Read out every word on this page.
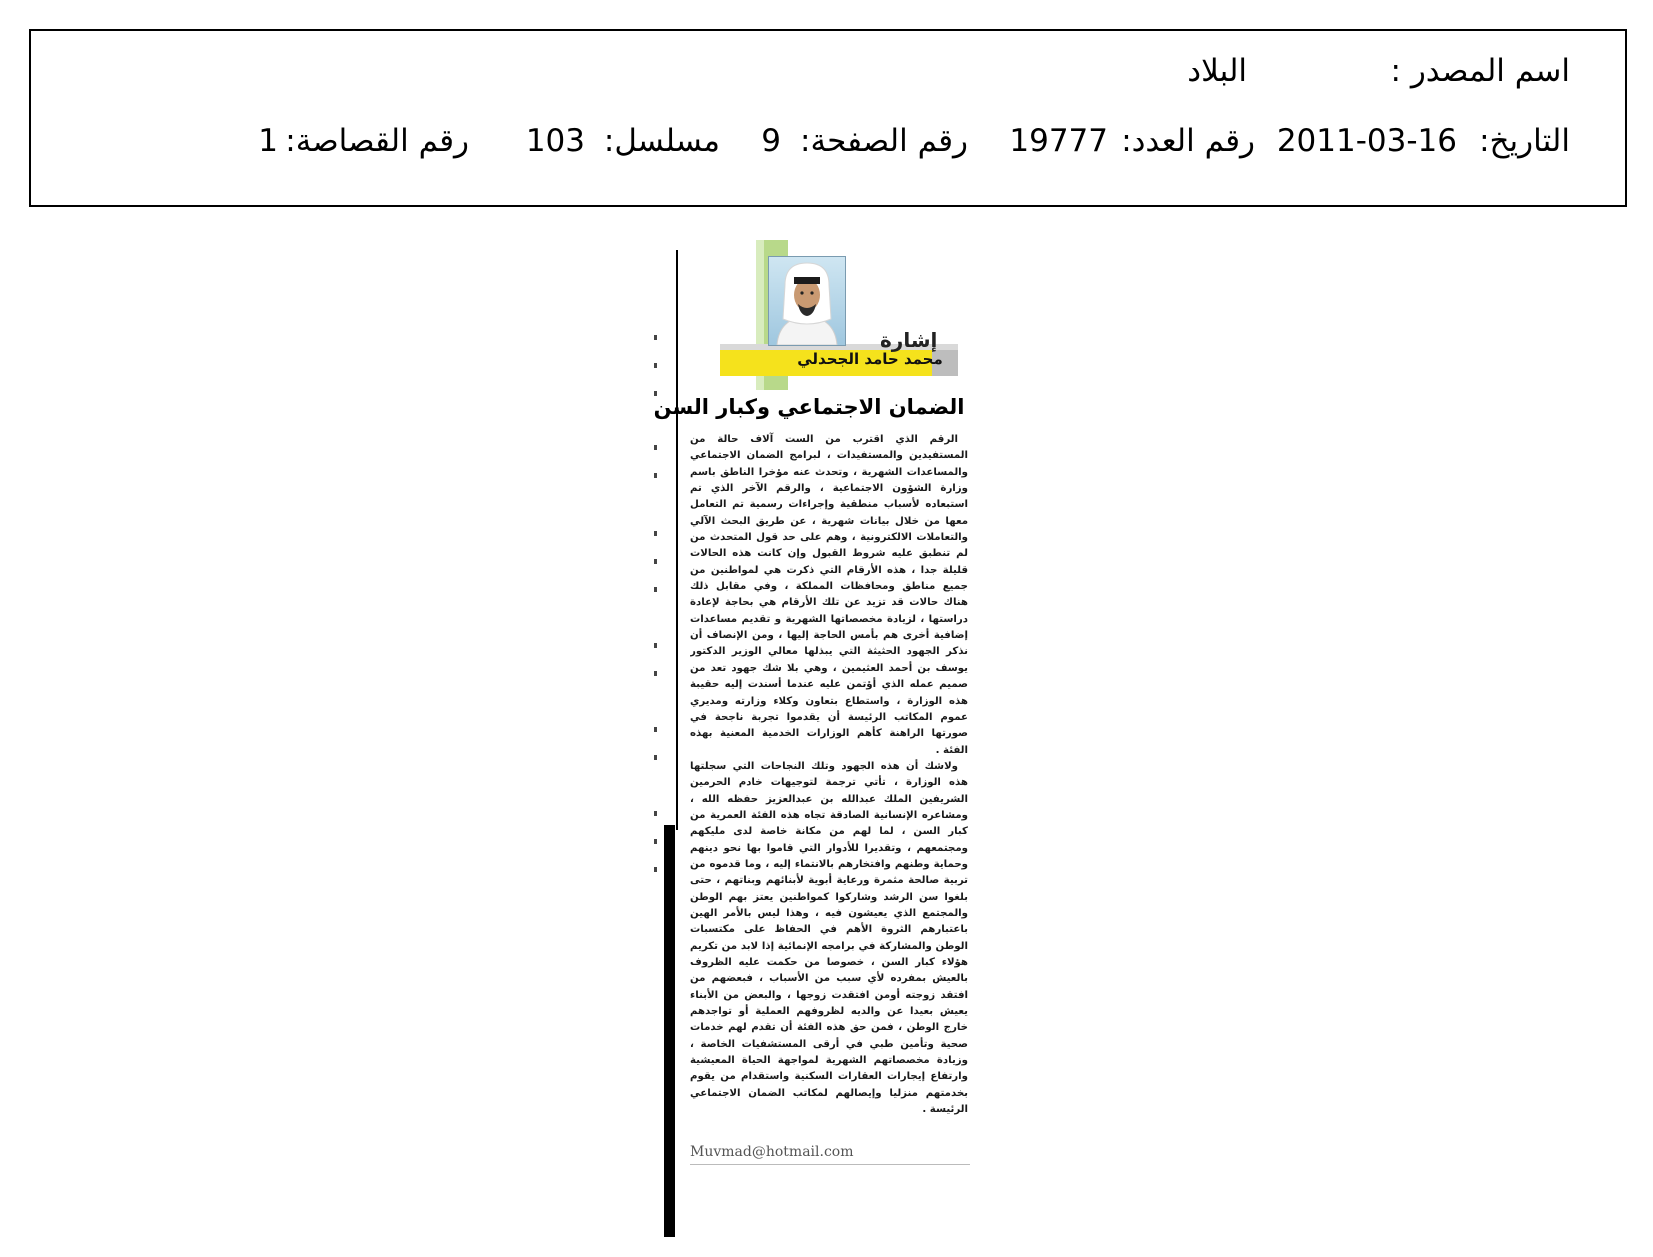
اسم المصدر :
البلاد
التاريخ:
2011-03-16
رقم العدد:
19777
رقم الصفحة:
9
مسلسل:
103
رقم القصاصة:
1
إشارة
محمد حامد الجحدلي
الضمان الاجتماعي وكبار السن

الرقم الذي اقترب من الست آلاف حالة من المستفيدين والمستفيدات ، لبرامج الضمان الاجتماعي والمساعدات الشهرية ، وتحدث عنه مؤخرا الناطق باسم وزارة الشؤون الاجتماعية ، والرقم الآخر الذي تم استبعاده لأسباب منطقية وإجراءات رسمية تم التعامل معها من خلال بيانات شهرية ، عن طريق البحث الآلي والتعاملات الالكترونية ، وهم على حد قول المتحدث من لم تنطبق عليه شروط القبول وإن كانت هذه الحالات قليلة جدا ، هذه الأرقام التي ذكرت هي لمواطنين من جميع مناطق ومحافظات المملكة ، وفي مقابل ذلك هناك حالات قد تزيد عن تلك الأرقام هي بحاجة لإعادة دراستها ، لزيادة مخصصاتها الشهرية و تقديم مساعدات إضافية أخرى هم بأمس الحاجة إليها ، ومن الإنصاف أن نذكر الجهود الحثيثة التي يبذلها معالي الوزير الدكتور يوسف بن أحمد العثيمين ، وهي بلا شك جهود تعد من صميم عمله الذي أؤتمن عليه عندما أسندت إليه حقيبة هذه الوزارة ، واستطاع بتعاون وكلاء وزارته ومديري عموم المكاتب الرئيسة أن يقدموا تجربة ناجحة في صورتها الراهنة كأهم الوزارات الخدمية المعنية بهذه الفئة .

ولاشك أن هذه الجهود وتلك النجاحات التي سجلتها هذه الوزارة ، تأتي ترجمة لتوجيهات خادم الحرمين الشريفين الملك عبدالله بن عبدالعزيز حفظه الله ، ومشاعره الإنسانية الصادقة تجاه هذه الفئة العمرية من كبار السن ، لما لهم من مكانة خاصة لدى مليكهم ومجتمعهم ، وتقديرا للأدوار التي قاموا بها نحو دينهم وحماية وطنهم وافتخارهم بالانتماء إليه ، وما قدموه من تربية صالحة مثمرة ورعاية أبوية لأبنائهم وبناتهم ، حتى بلغوا سن الرشد وشاركوا كمواطنين يعتز بهم الوطن والمجتمع الذي يعيشون فيه ، وهذا ليس بالأمر الهين باعتبارهم الثروة الأهم في الحفاظ على مكتسبات الوطن والمشاركة في برامجه الإنمائية إذا لابد من تكريم هؤلاء كبار السن ، خصوصا من حكمت عليه الظروف بالعيش بمفرده لأي سبب من الأسباب ، فبعضهم من افتقد زوجته أومن افتقدت زوجها ، والبعض من الأبناء يعيش بعيدا عن والديه لظروفهم العملية أو تواجدهم خارج الوطن ، فمن حق هذه الفئة أن تقدم لهم خدمات صحية وتأمين طبي في أرقى المستشفيات الخاصة ، وزيادة مخصصاتهم الشهرية لمواجهة الحياة المعيشية وارتفاع إيجارات العقارات السكنية واستقدام من يقوم بخدمتهم منزليا وإيصالهم لمكاتب الضمان الاجتماعي الرئيسة .

Muvmad@hotmail.com
